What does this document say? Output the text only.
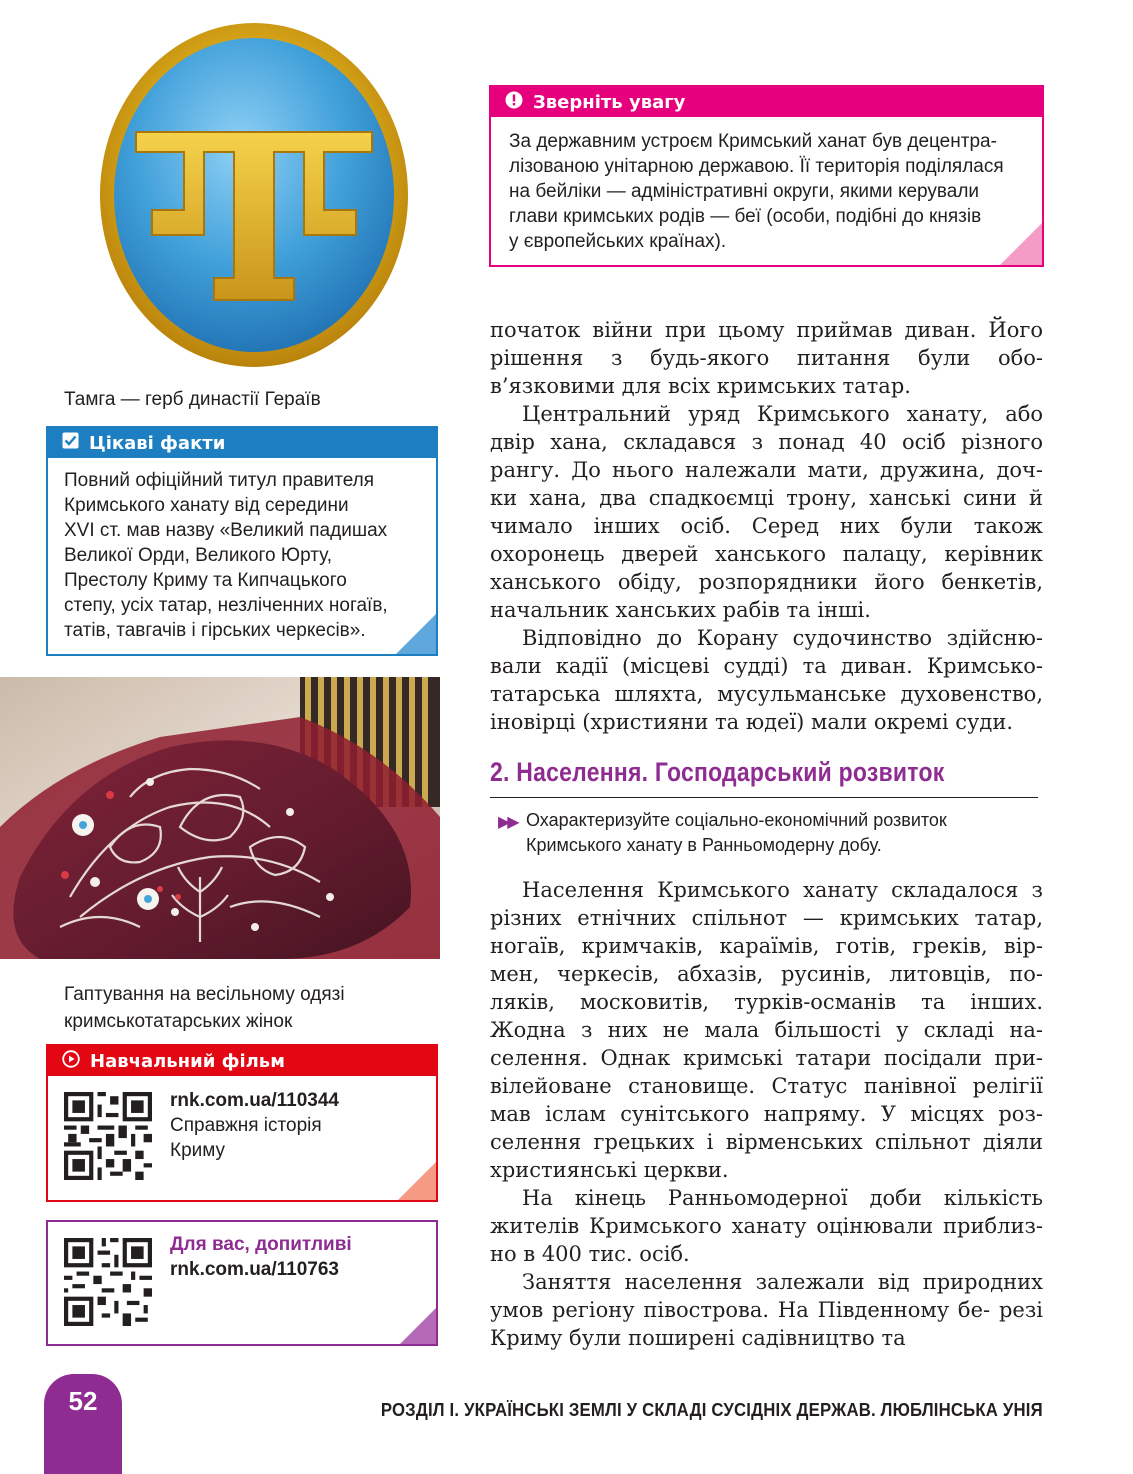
Тамга — герб династії Гераїв
Зверніть увагу
За державним устроєм Кримський ханат був децентра-
лізованою унітарною державою. Її територія поділялася
на бейліки — адміністративні округи, якими керували
глави кримських родів — беї (особи, подібні до князів
у європейських країнах).
Цікаві факти
Повний офіційний титул правителя
Кримського ханату від середини
XVI ст. мав назву «Великий падишах
Великої Орди, Великого Юрту,
Престолу Криму та Кипчацького
степу, усіх татар, незліченних ногаїв,
татів, тавгачів і гірських черкесів».
Гаптування на весільному одязі
кримськотатарських жінок
Навчальний фільм
rnk.com.ua/110344
Справжня історія
Криму
Для вас, допитливі
rnk.com.ua/110763

початок війни при цьому приймав диван. Його рішення з будь-якого питання були обо- в’язковими для всіх кримських татар.

Центральний уряд Кримського ханату, або двір хана, складався з понад 40 осіб різного рангу. До нього належали мати, дружина, доч- ки хана, два спадкоємці трону, ханські сини й чимало інших осіб. Серед них були також охоронець дверей ханського палацу, керівник ханського обіду, розпорядники його бенкетів, начальник ханських рабів та інші.

Відповідно до Корану судочинство здійсню- вали кадії (місцеві судді) та диван. Кримсько- татарська шляхта, мусульманське духовенство, іновірці (християни та юдеї) мали окремі суди.

2. Населення. Господарський розвиток
▶▶ Охарактеризуйте соціально-економічний розвиток
Кримського ханату в Ранньомодерну добу.

Населення Кримського ханату складалося з різних етнічних спільнот — кримських татар, ногаїв, кримчаків, караїмів, готів, греків, вір- мен, черкесів, абхазів, русинів, литовців, по- ляків, московитів, турків-османів та інших. Жодна з них не мала більшості у складі на- селення. Однак кримські татари посідали при- вілейоване становище. Статус панівної релігії мав іслам сунітського напряму. У місцях роз- селення грецьких і вірменських спільнот діяли християнські церкви.

На кінець Ранньомодерної доби кількість жителів Кримського ханату оцінювали приблиз- но в 400 тис. осіб.

Заняття населення залежали від природних умов регіону півострова. На Південному бе- резі Криму були поширені садівництво та

52	РОЗДІЛ І. УКРАЇНСЬКІ ЗЕМЛІ У СКЛАДІ СУСІДНІХ ДЕРЖАВ. ЛЮБЛІНСЬКА УНІЯ
